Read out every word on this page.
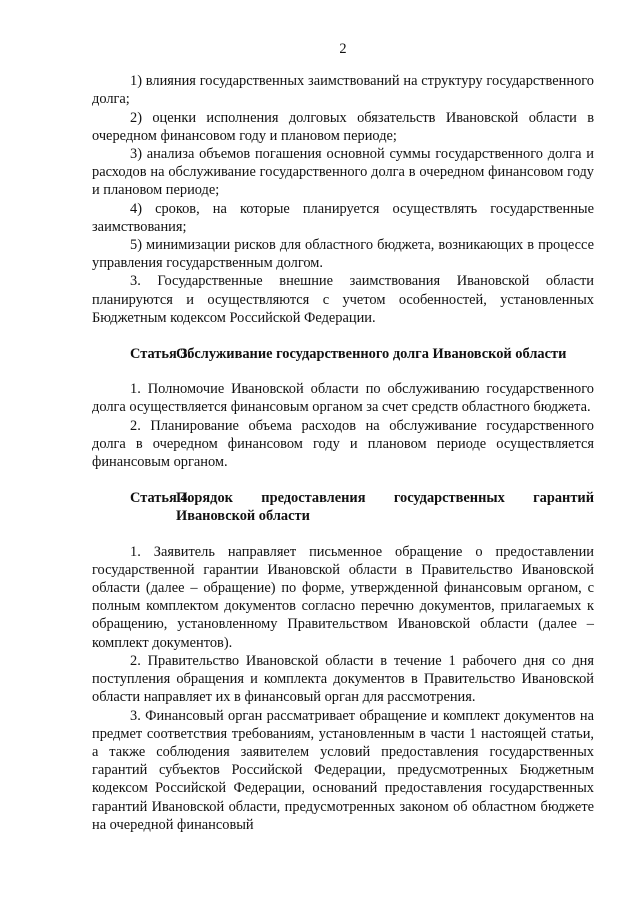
2

1) влияния государственных заимствований на структуру государственного долга;

2) оценки исполнения долговых обязательств Ивановской области в очередном финансовом году и плановом периоде;

3) анализа объемов погашения основной суммы государственного долга и расходов на обслуживание государственного долга в очередном финансовом году и плановом периоде;

4) сроков, на которые планируется осуществлять государственные заимствования;

5) минимизации рисков для областного бюджета, возникающих в процессе управления государственным долгом.

3. Государственные внешние заимствования Ивановской области планируются и осуществляются с учетом особенностей, установленных Бюджетным кодексом Российской Федерации.

Статья 3.
Обслуживание государственного долга Ивановской области

1. Полномочие Ивановской области по обслуживанию государственного долга осуществляется финансовым органом за счет средств областного бюджета.

2. Планирование объема расходов на обслуживание государственного долга в очередном финансовом году и плановом периоде осуществляется финансовым органом.

Статья 4.
Порядок предоставления государственных гарантий Ивановской области

1. Заявитель направляет письменное обращение о предоставлении государственной гарантии Ивановской области в Правительство Ивановской области (далее – обращение) по форме, утвержденной финансовым органом, с полным комплектом документов согласно перечню документов, прилагаемых к обращению, установленному Правительством Ивановской области (далее – комплект документов).

2. Правительство Ивановской области в течение 1 рабочего дня со дня поступления обращения и комплекта документов в Правительство Ивановской области направляет их в финансовый орган для рассмотрения.

3. Финансовый орган рассматривает обращение и комплект документов на предмет соответствия требованиям, установленным в части 1 настоящей статьи, а также соблюдения заявителем условий предоставления государственных гарантий субъектов Российской Федерации, предусмотренных Бюджетным кодексом Российской Федерации, оснований предоставления государственных гарантий Ивановской области, предусмотренных законом об областном бюджете на очередной финансовый
